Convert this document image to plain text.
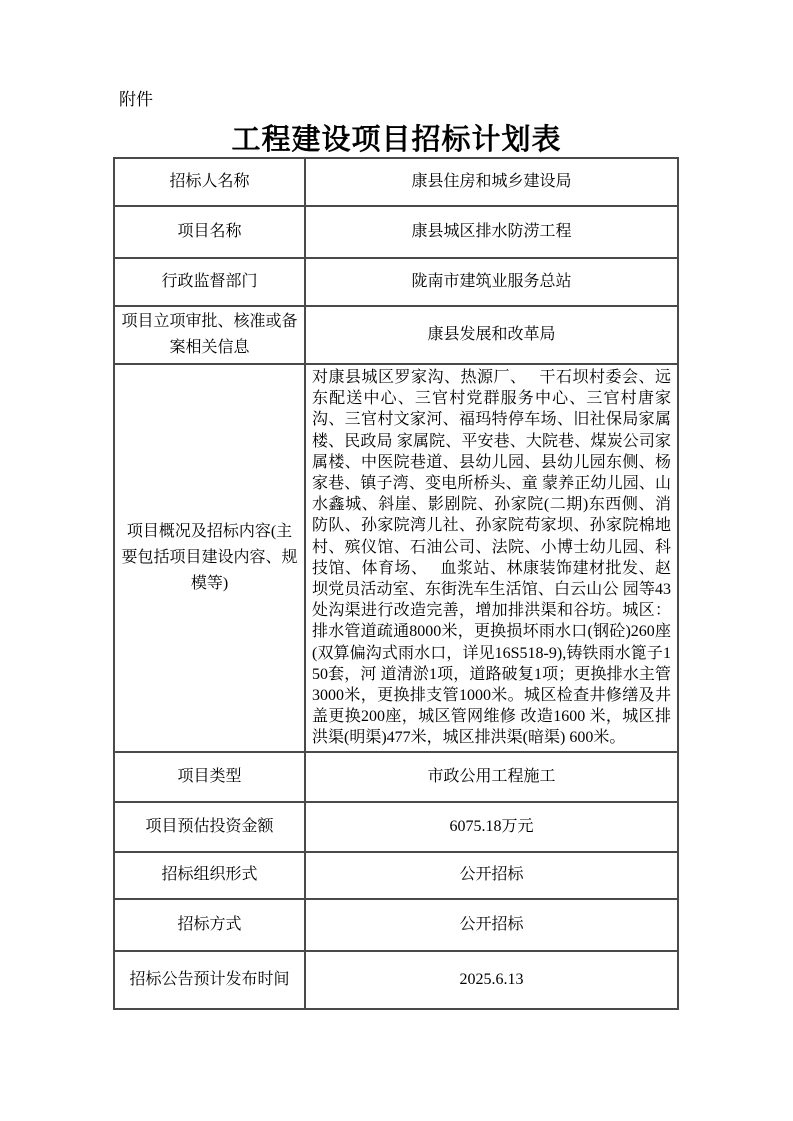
附件
工程建设项目招标计划表
招标人名称	康县住房和城乡建设局
项目名称	康县城区排水防涝工程
行政监督部门	陇南市建筑业服务总站
项目立项审批、核准或备案相关信息	康县发展和改革局
项目概况及招标内容(主要包括项目建设内容、规模等)	对康县城区罗家沟、热源厂、　 干石坝村委会、远东配送中心、三官村党群服务中心、三官村唐家沟、三官村文家河、福玛特停车场、旧社保局家属楼、民政局 家属院、平安巷、大院巷、煤炭公司家属楼、中医院巷道、县幼儿园、县幼儿园东侧、杨家巷、镇子湾、变电所桥头、童 蒙养正幼儿园、山水鑫城、斜崖、影剧院、孙家院(二期)东西侧、消防队、孙家院湾儿社、孙家院苟家坝、孙家院棉地村、殡仪馆、石油公司、法院、小博士幼儿园、科技馆、体育场、　 血浆站、林康装饰建材批发、赵坝党员活动室、东街洗车生活馆、白云山公 园等43处沟渠进行改造完善，增加排洪渠和谷坊。城区：排水管道疏通8000米，更换损坏雨水口(钢砼)260座(双算偏沟式雨水口，详见16S518-9),铸铁雨水篦子150套，河 道清淤1项，道路破复1项；更换排水主管3000米，更换排支管1000米。城区检查井修缮及井盖更换200座，城区管网维修 改造1600 米，城区排洪渠(明渠)477米，城区排洪渠(暗渠) 600米。
项目类型	市政公用工程施工
项目预估投资金额	6075.18万元
招标组织形式	公开招标
招标方式	公开招标
招标公告预计发布时间	2025.6.13
